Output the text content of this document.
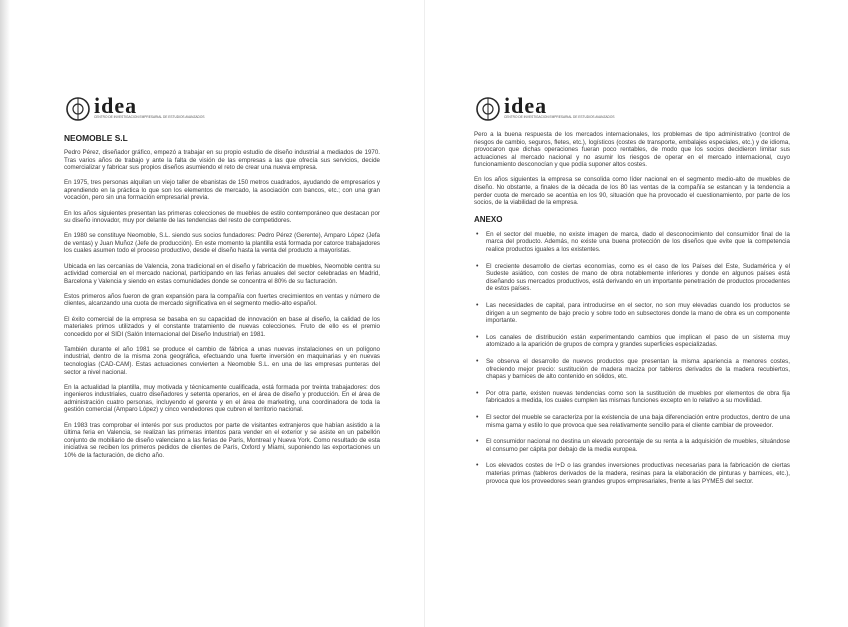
idea
CENTRO DE INVESTIGACION EMPRESARIAL DE ESTUDIOS AVANZADOS
NEOMOBLE S.L

Pedro Pérez, diseñador gráfico, empezó a trabajar en su propio estudio de diseño industrial a mediados de 1970. Tras varios años de trabajo y ante la falta de visión de las empresas a las que ofrecía sus servicios, decide comercializar y fabricar sus propios diseños asumiendo el reto de crear una nueva empresa.

En 1975, tres personas alquilan un viejo taller de ebanistas de 150 metros cuadrados, ayudando de empresarios y aprendiendo en la práctica lo que son los elementos de mercado, la asociación con bancos, etc.; con una gran vocación, pero sin una formación empresarial previa.

En los años siguientes presentan las primeras colecciones de muebles de estilo contemporáneo que destacan por su diseño innovador, muy por delante de las tendencias del resto de competidores.

En 1980 se constituye Neomoble, S.L. siendo sus socios fundadores: Pedro Pérez (Gerente), Amparo López (Jefa de ventas) y Juan Muñoz (Jefe de producción). En este momento la plantilla está formada por catorce trabajadores los cuales asumen todo el proceso productivo, desde el diseño hasta la venta del producto a mayoristas.

Ubicada en las cercanías de Valencia, zona tradicional en el diseño y fabricación de muebles, Neomoble centra su actividad comercial en el mercado nacional, participando en las ferias anuales del sector celebradas en Madrid, Barcelona y Valencia y siendo en estas comunidades donde se concentra el 80% de su facturación.

Estos primeros años fueron de gran expansión para la compañía con fuertes crecimientos en ventas y número de clientes, alcanzando una cuota de mercado significativa en el segmento medio-alto español.

El éxito comercial de la empresa se basaba en su capacidad de innovación en base al diseño, la calidad de los materiales primos utilizados y el constante tratamiento de nuevas colecciones. Fruto de ello es el premio concedido por el SIDI (Salón Internacional del Diseño Industrial) en 1981.

También durante el año 1981 se produce el cambio de fábrica a unas nuevas instalaciones en un polígono industrial, dentro de la misma zona geográfica, efectuando una fuerte inversión en maquinarias y en nuevas tecnologías (CAD-CAM). Estas actuaciones convierten a Neomoble S.L. en una de las empresas punteras del sector a nivel nacional.

En la actualidad la plantilla, muy motivada y técnicamente cualificada, está formada por treinta trabajadores: dos ingenieros industriales, cuatro diseñadores y setenta operarios, en el área de diseño y producción. En el área de administración cuatro personas, incluyendo el gerente y en el área de marketing, una coordinadora de toda la gestión comercial (Amparo López) y cinco vendedores que cubren el territorio nacional.

En 1983 tras comprobar el interés por sus productos por parte de visitantes extranjeros que habían asistido a la última feria en Valencia, se realizan las primeras intentos para vender en el exterior y se asiste en un pabellón conjunto de mobiliario de diseño valenciano a las ferias de París, Montreal y Nueva York. Como resultado de esta iniciativa se reciben los primeros pedidos de clientes de París, Oxford y Miami, suponiendo las exportaciones un 10% de la facturación, de dicho año.

idea
CENTRO DE INVESTIGACION EMPRESARIAL DE ESTUDIOS AVANZADOS

Pero a la buena respuesta de los mercados internacionales, los problemas de tipo administrativo (control de riesgos de cambio, seguros, fletes, etc.), logísticos (costes de transporte, embalajes especiales, etc.) y de idioma, provocaron que dichas operaciones fueran poco rentables, de modo que los socios decidieron limitar sus actuaciones al mercado nacional y no asumir los riesgos de operar en el mercado internacional, cuyo funcionamiento desconocían y que podía suponer altos costes.

En los años siguientes la empresa se consolida como líder nacional en el segmento medio-alto de muebles de diseño. No obstante, a finales de la década de los 80 las ventas de la compañía se estancan y la tendencia a perder cuota de mercado se acentúa en los 90, situación que ha provocado el cuestionamiento, por parte de los socios, de la viabilidad de la empresa.

ANEXO
• En el sector del mueble, no existe imagen de marca, dado el desconocimiento del consumidor final de la marca del producto. Además, no existe una buena protección de los diseños que evite que la competencia realice productos iguales a los existentes.
• El creciente desarrollo de ciertas economías, como es el caso de los Países del Este, Sudamérica y el Sudeste asiático, con costes de mano de obra notablemente inferiores y donde en algunos países está diseñando sus mercados productivos, está derivando en un importante penetración de productos procedentes de estos países.
• Las necesidades de capital, para introducirse en el sector, no son muy elevadas cuando los productos se dirigen a un segmento de bajo precio y sobre todo en subsectores donde la mano de obra es un componente importante.
• Los canales de distribución están experimentando cambios que implican el paso de un sistema muy atomizado a la aparición de grupos de compra y grandes superficies especializadas.
• Se observa el desarrollo de nuevos productos que presentan la misma apariencia a menores costes, ofreciendo mejor precio: sustitución de madera maciza por tableros derivados de la madera recubiertos, chapas y barnices de alto contenido en sólidos, etc.
• Por otra parte, existen nuevas tendencias como son la sustitución de muebles por elementos de obra fija fabricados a medida, los cuales cumplen las mismas funciones excepto en lo relativo a su movilidad.
• El sector del mueble se caracteriza por la existencia de una baja diferenciación entre productos, dentro de una misma gama y estilo lo que provoca que sea relativamente sencillo para el cliente cambiar de proveedor.
• El consumidor nacional no destina un elevado porcentaje de su renta a la adquisición de muebles, situándose el consumo per cápita por debajo de la media europea.
• Los elevados costes de I+D o las grandes inversiones productivas necesarias para la fabricación de ciertas materias primas (tableros derivados de la madera, resinas para la elaboración de pinturas y barnices, etc.), provoca que los proveedores sean grandes grupos empresariales, frente a las PYMES del sector.
